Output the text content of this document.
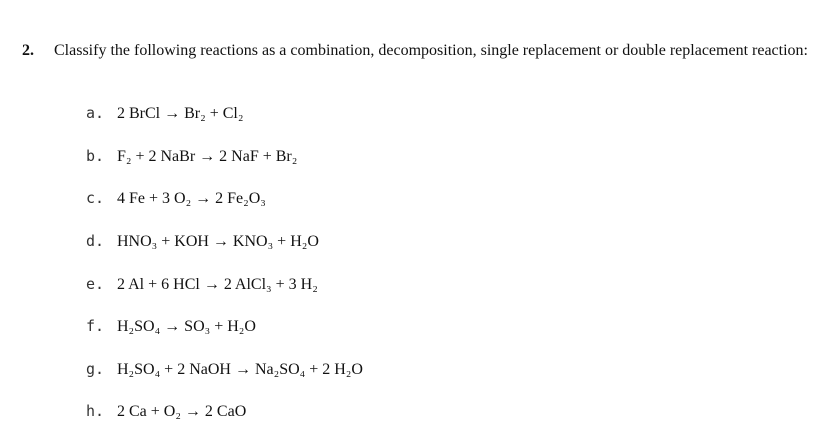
2. Classify the following reactions as a combination, decomposition, single replacement or double replacement reaction:
a. 2 BrCl → Br₂ + Cl₂
b. F₂ + 2 NaBr → 2 NaF + Br₂
c. 4 Fe + 3 O₂ → 2 Fe₂O₃
d. HNO₃ + KOH → KNO₃ + H₂O
e. 2 Al + 6 HCl → 2 AlCl₃ + 3 H₂
f. H₂SO₄ → SO₃ + H₂O
g. H₂SO₄ + 2 NaOH → Na₂SO₄ + 2 H₂O
h. 2 Ca + O₂ → 2 CaO
